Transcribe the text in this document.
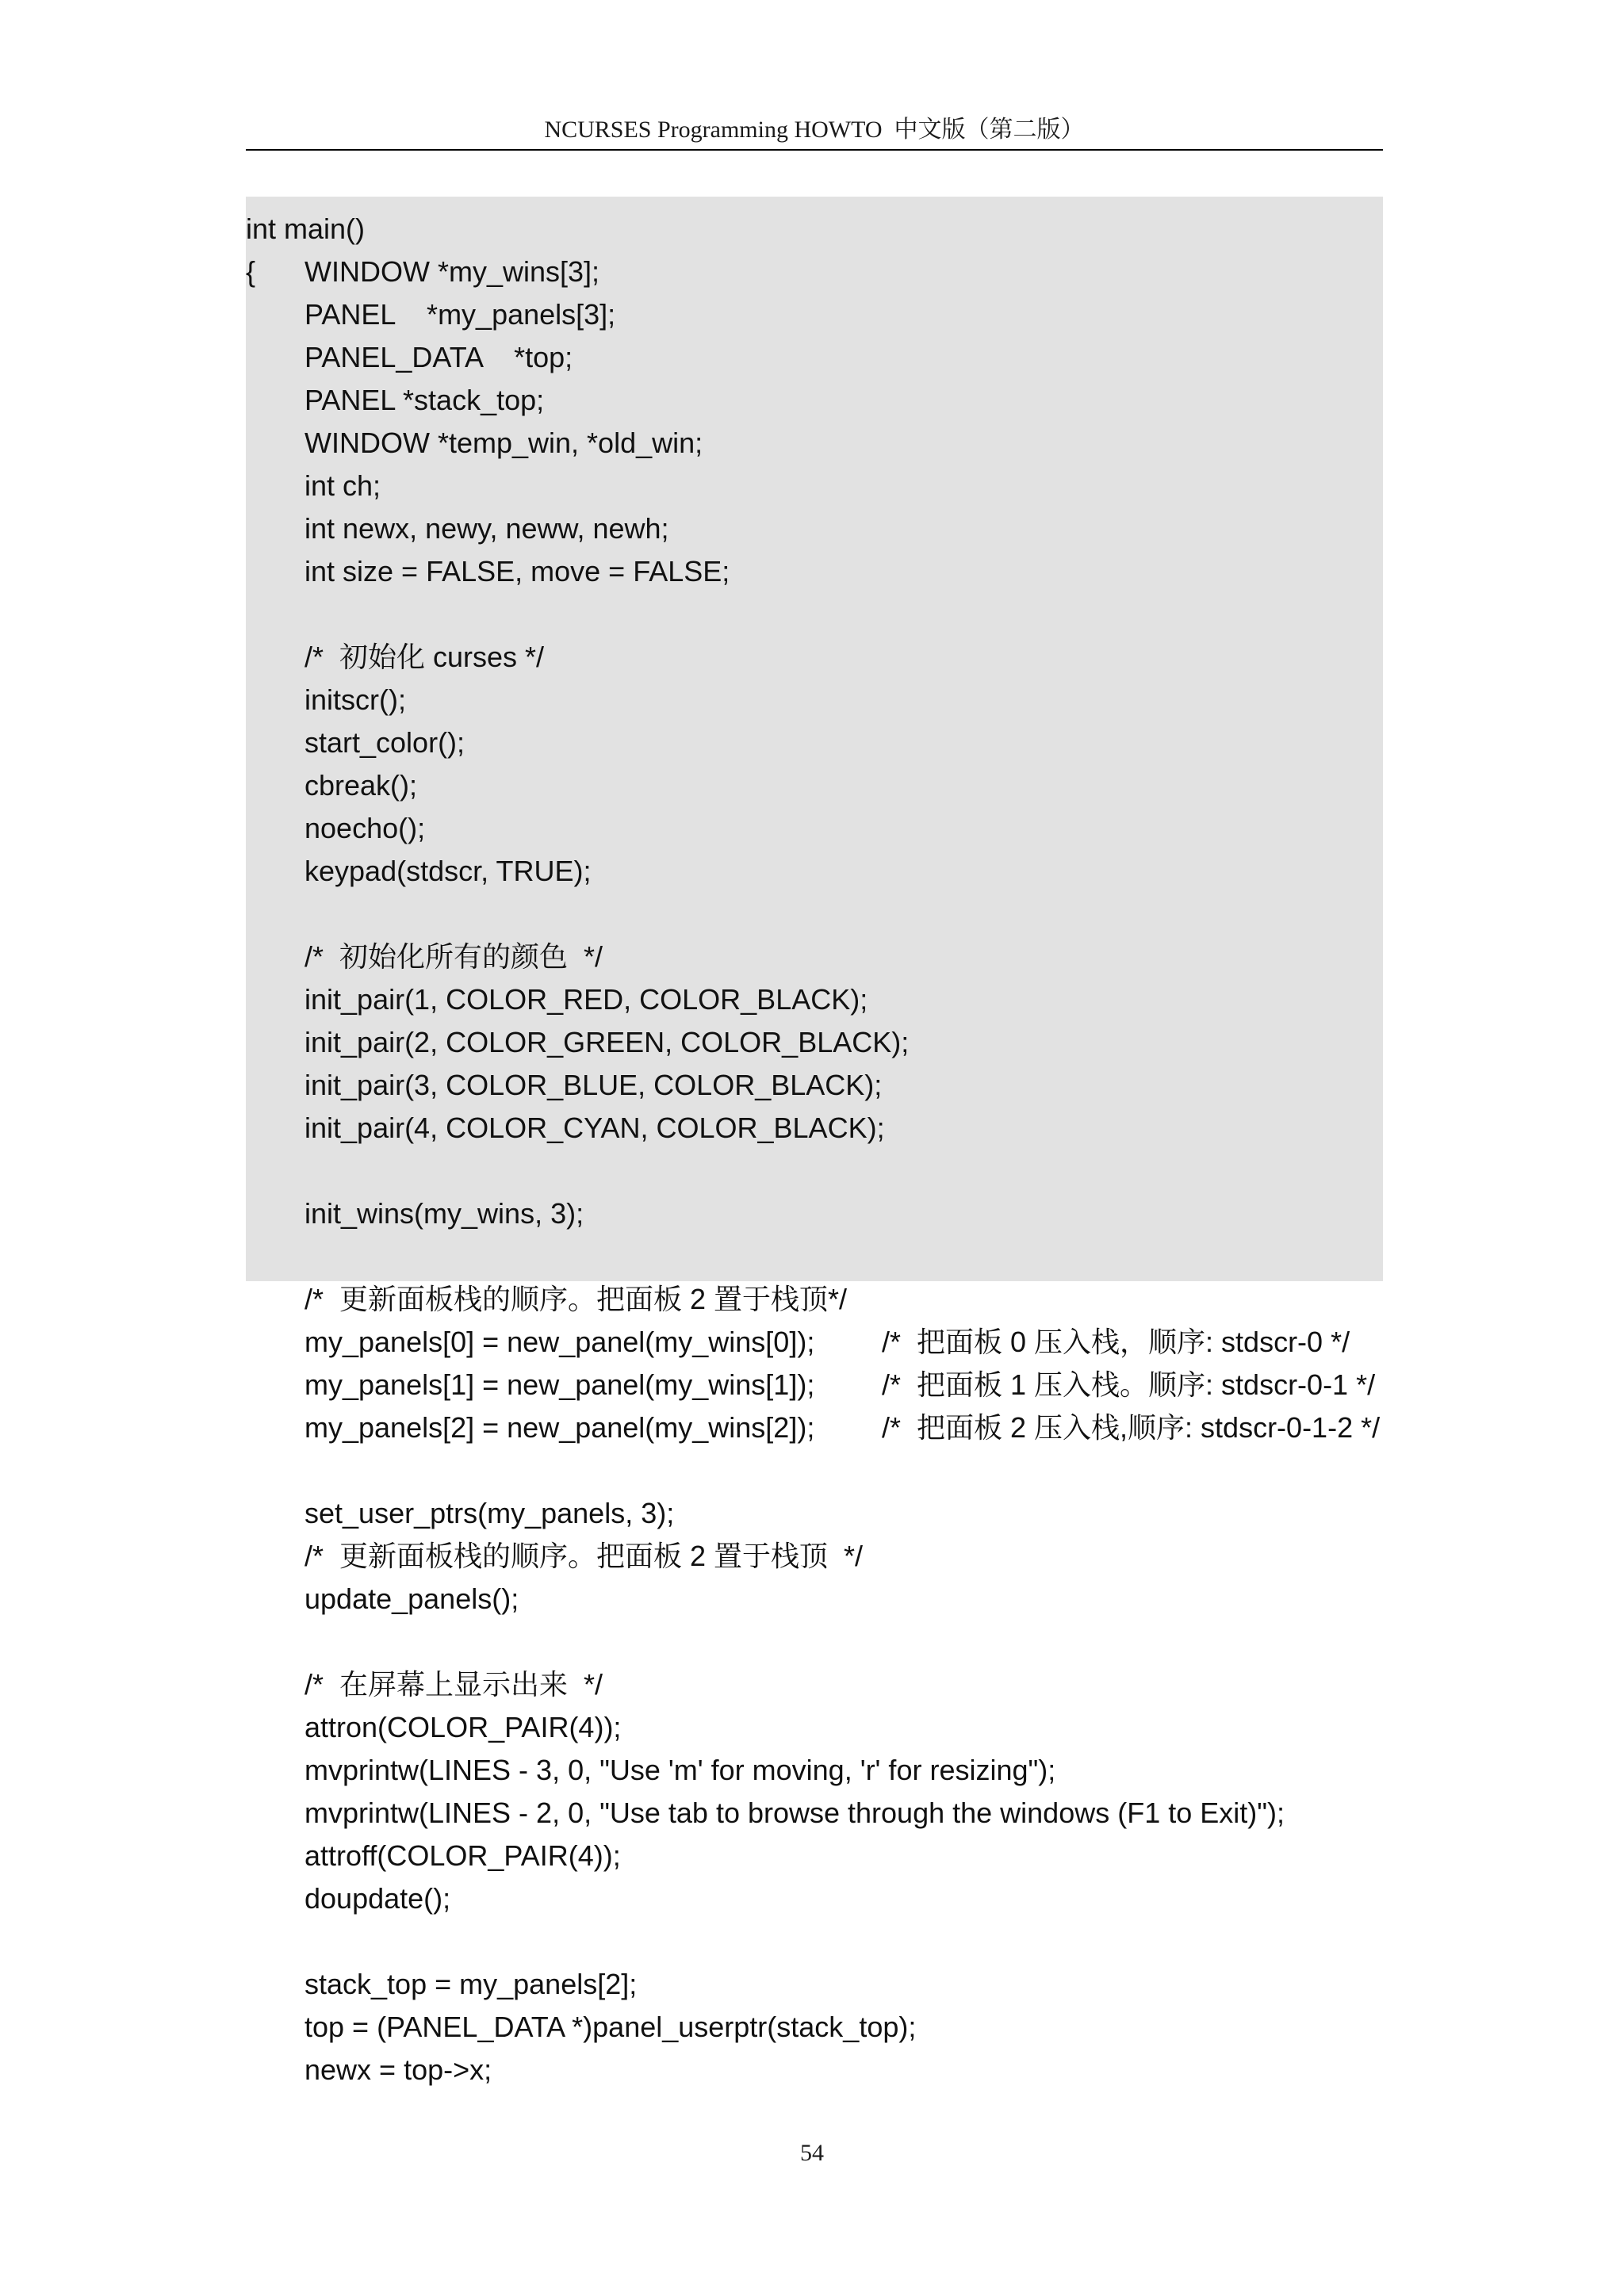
NCURSES Programming HOWTO  中文版（第二版）
int main()
{ WINDOW *my_wins[3];
PANEL    *my_panels[3];
PANEL_DATA    *top;
PANEL *stack_top;
WINDOW *temp_win, *old_win;
int ch;
int newx, newy, neww, newh;
int size = FALSE, move = FALSE;
/*  初始化 curses */
initscr();
start_color();
cbreak();
noecho();
keypad(stdscr, TRUE);
/*  初始化所有的颜色  */
init_pair(1, COLOR_RED, COLOR_BLACK);
init_pair(2, COLOR_GREEN, COLOR_BLACK);
init_pair(3, COLOR_BLUE, COLOR_BLACK);
init_pair(4, COLOR_CYAN, COLOR_BLACK);
init_wins(my_wins, 3);
/*  更新面板栈的顺序。把面板 2 置于栈顶*/
my_panels[0] = new_panel(my_wins[0]); /*  把面板 0 压入栈，顺序: stdscr-0 */
my_panels[1] = new_panel(my_wins[1]); /*  把面板 1 压入栈。顺序: stdscr-0-1 */
my_panels[2] = new_panel(my_wins[2]); /*  把面板 2 压入栈,顺序: stdscr-0-1-2 */
set_user_ptrs(my_panels, 3);
/*  更新面板栈的顺序。把面板 2 置于栈顶  */
update_panels();
/*  在屏幕上显示出来  */
attron(COLOR_PAIR(4));
mvprintw(LINES - 3, 0, "Use 'm' for moving, 'r' for resizing");
mvprintw(LINES - 2, 0, "Use tab to browse through the windows (F1 to Exit)");
attroff(COLOR_PAIR(4));
doupdate();
stack_top = my_panels[2];
top = (PANEL_DATA *)panel_userptr(stack_top);
newx = top->x;
54
